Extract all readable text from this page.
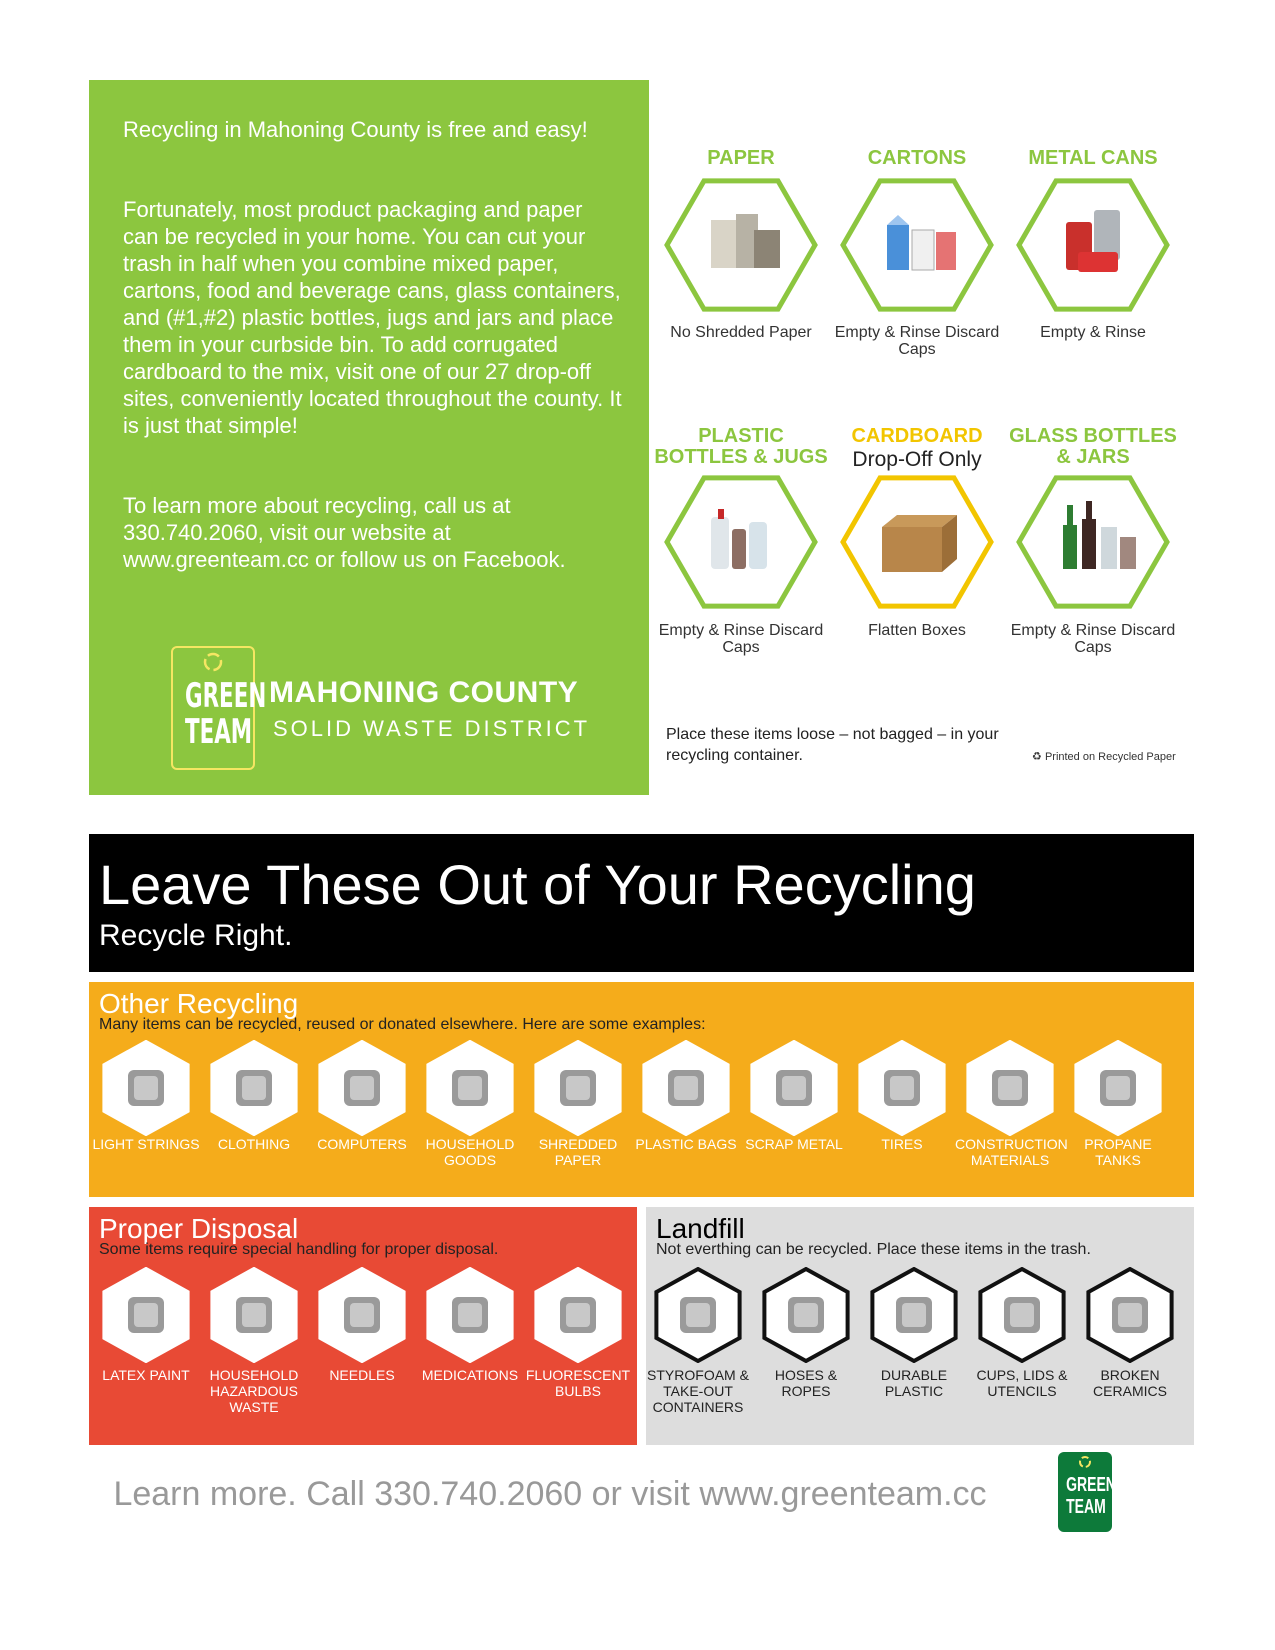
Recycling in Mahoning County is free and easy!

Fortunately, most product packaging and paper can be recycled in your home. You can cut your trash in half when you combine mixed paper, cartons, food and beverage cans, glass containers, and (#1,#2) plastic bottles, jugs and jars and place them in your curbside bin. To add corrugated cardboard to the mix, visit one of our 27 drop-off sites, conveniently located throughout the county. It is just that simple!

To learn more about recycling, call us at 330.740.2060, visit our website at www.greenteam.cc or follow us on Facebook.

GREEN
TEAM
MAHONING COUNTY
SOLID WASTE DISTRICT
PAPER
No Shredded Paper
CARTONS
Empty & Rinse Discard Caps
METAL CANS
Empty & Rinse
PLASTIC BOTTLES & JUGS
Empty & Rinse Discard Caps
CARDBOARD
Drop-Off Only
Flatten Boxes
GLASS BOTTLES & JARS
Empty & Rinse Discard Caps
Place these items loose – not bagged – in your recycling container.	♻ Printed on Recycled Paper
Leave These Out of Your Recycling
Recycle Right.
Other Recycling
Many items can be recycled, reused or donated elsewhere. Here are some examples:
LIGHT STRINGS	CLOTHING	COMPUTERS	HOUSEHOLD GOODS
SHREDDED PAPER
PLASTIC BAGS SCRAP METAL	TIRES	CONSTRUCTION MATERIALS
PROPANE TANKS
Proper Disposal
Some items require special handling for proper disposal.
LATEX PAINT	HOUSEHOLD HAZARDOUS WASTE
NEEDLES	MEDICATIONS FLUORESCENT BULBS
Landfill
Not everthing can be recycled. Place these items in the trash.
STYROFOAM & TAKE-OUT CONTAINERS
HOSES & ROPES
DURABLE PLASTIC
CUPS, LIDS & UTENCILS
BROKEN CERAMICS
Learn more. Call 330.740.2060 or visit www.greenteam.cc	GREEN
TEAM
